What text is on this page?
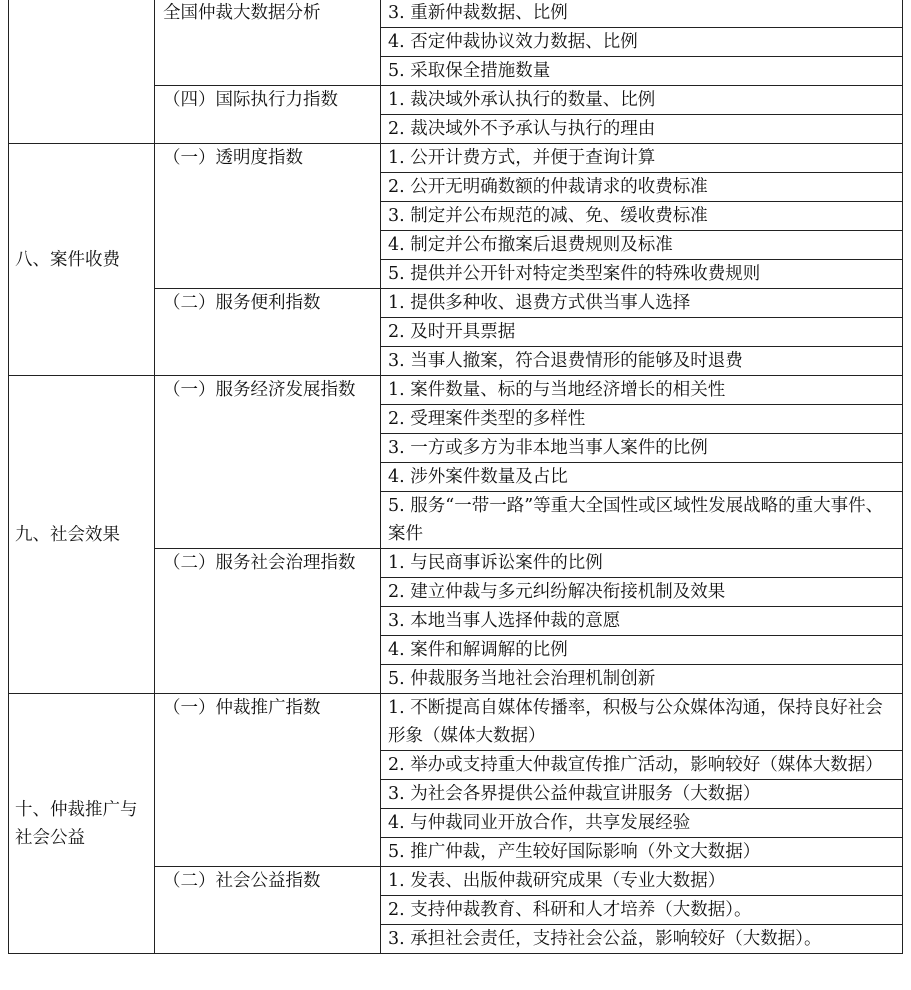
	全国仲裁大数据分析	3. 重新仲裁数据、比例
		4. 否定仲裁协议效力数据、比例
		5. 采取保全措施数量
	（四）国际执行力指数	1. 裁决域外承认执行的数量、比例
		2. 裁决域外不予承认与执行的理由
八、案件收费	（一）透明度指数	1. 公开计费方式，并便于查询计算
		2. 公开无明确数额的仲裁请求的收费标准
		3. 制定并公布规范的减、免、缓收费标准
		4. 制定并公布撤案后退费规则及标准
		5. 提供并公开针对特定类型案件的特殊收费规则
	（二）服务便利指数	1. 提供多种收、退费方式供当事人选择
		2. 及时开具票据
		3. 当事人撤案，符合退费情形的能够及时退费
九、社会效果	（一）服务经济发展指数	1. 案件数量、标的与当地经济增长的相关性
		2. 受理案件类型的多样性
		3. 一方或多方为非本地当事人案件的比例
		4. 涉外案件数量及占比
		5. 服务“一带一路”等重大全国性或区域性发展战略的重大事件、案件
	（二）服务社会治理指数	1. 与民商事诉讼案件的比例
		2. 建立仲裁与多元纠纷解决衔接机制及效果
		3. 本地当事人选择仲裁的意愿
		4. 案件和解调解的比例
		5. 仲裁服务当地社会治理机制创新
十、仲裁推广与社会公益	（一）仲裁推广指数	1. 不断提高自媒体传播率，积极与公众媒体沟通，保持良好社会形象（媒体大数据）
		2. 举办或支持重大仲裁宣传推广活动，影响较好（媒体大数据）
		3. 为社会各界提供公益仲裁宣讲服务（大数据）
		4. 与仲裁同业开放合作，共享发展经验
		5. 推广仲裁，产生较好国际影响（外文大数据）
	（二）社会公益指数	1. 发表、出版仲裁研究成果（专业大数据）
		2. 支持仲裁教育、科研和人才培养（大数据）。
		3. 承担社会责任，支持社会公益，影响较好（大数据）。
